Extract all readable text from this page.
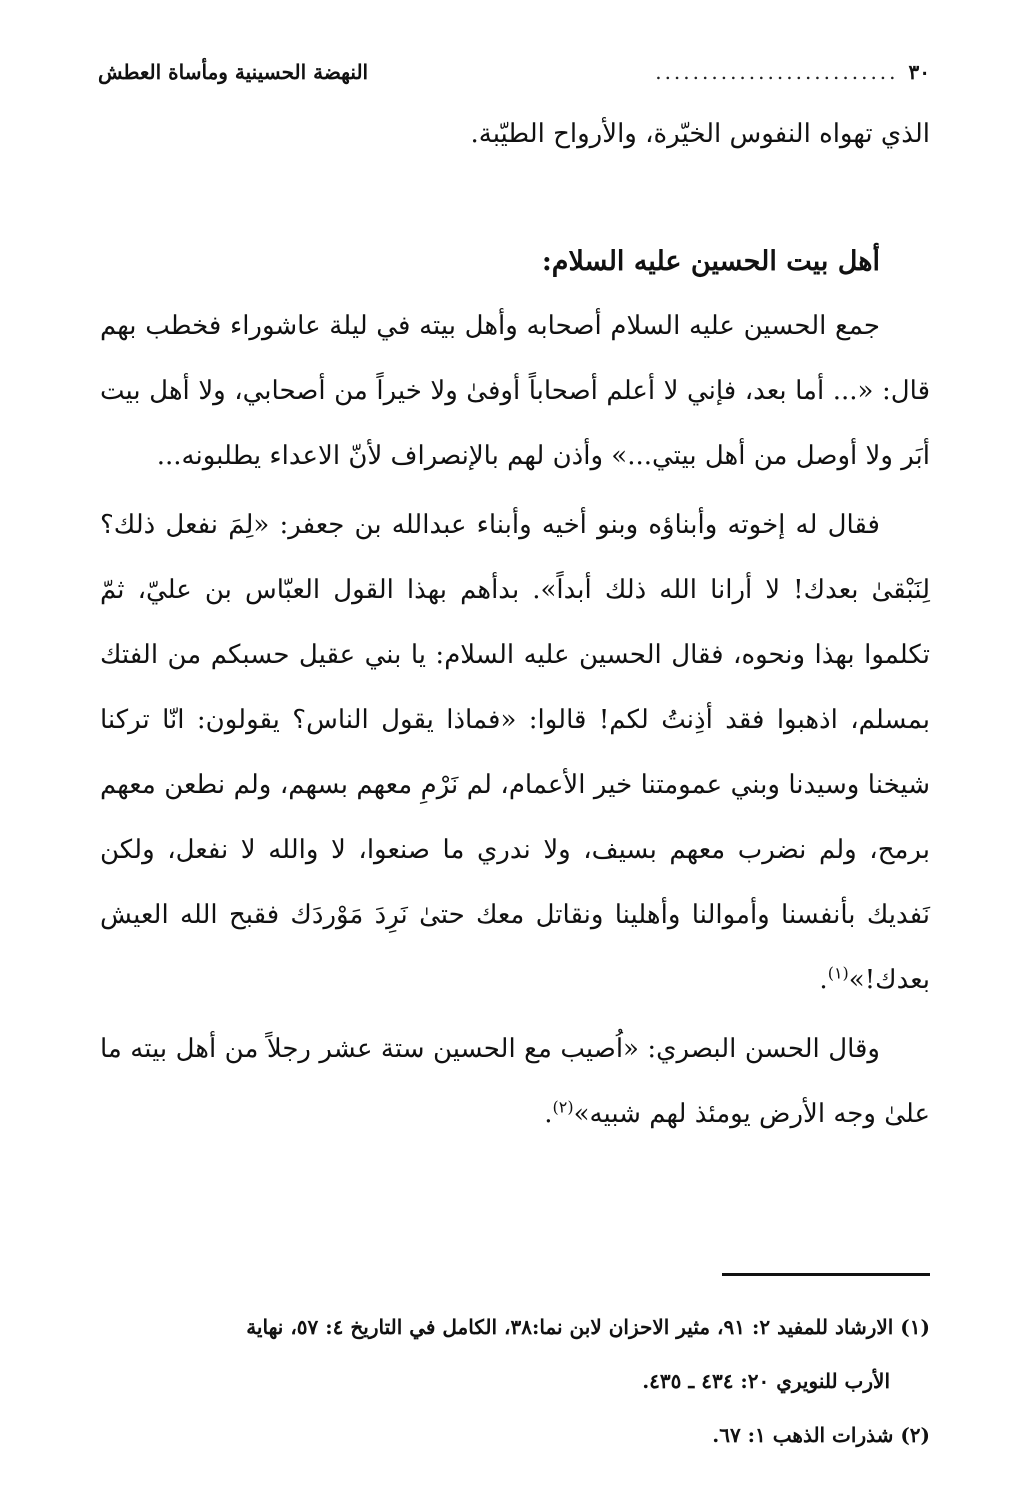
٣٠
..........................
النهضة الحسينية ومأساة العطش

الذي تهواه النفوس الخيّرة، والأرواح الطيّبة.

أهل بيت الحسين عليه السلام:

جمع الحسين عليه السلام أصحابه وأهل بيته في ليلة عاشوراء فخطب بهم قال: «... أما بعد، فإني لا أعلم أصحاباً أوفىٰ ولا خيراً من أصحابي، ولا أهل بيت أبَر ولا أوصل من أهل بيتي...» وأذن لهم بالإنصراف لأنّ الاعداء يطلبونه...

فقال له إخوته وأبناؤه وبنو أخيه وأبناء عبدالله بن جعفر: «لِمَ نفعل ذلك؟ لِنَبْقىٰ بعدك! لا أرانا الله ذلك أبداً». بدأهم بهذا القول العبّاس بن عليّ، ثمّ تكلموا بهذا ونحوه، فقال الحسين عليه السلام: يا بني عقيل حسبكم من الفتك بمسلم، اذهبوا فقد أذِنتُ لكم! قالوا: «فماذا يقول الناس؟ يقولون: انّا تركنا شيخنا وسيدنا وبني عمومتنا خير الأعمام، لم نَرْمِ معهم بسهم، ولم نطعن معهم برمح، ولم نضرب معهم بسيف، ولا ندري ما صنعوا، لا والله لا نفعل، ولكن نَفديك بأنفسنا وأموالنا وأهلينا ونقاتل معك حتىٰ نَرِدَ مَوْردَك فقبح الله العيش بعدك!»$^{(١)}$.

وقال الحسن البصري: «اُصيب مع الحسين ستة عشر رجلاً من أهل بيته ما علىٰ وجه الأرض يومئذ لهم شبيه»$^{(٢)}$.

(١) الارشاد للمفيد ٢: ٩١، مثير الاحزان لابن نما:٣٨، الكامل في التاريخ ٤: ٥٧، نهاية

الأرب للنويري ٢٠: ٤٣٤ ـ ٤٣٥.

(٢) شذرات الذهب ١: ٦٧.
